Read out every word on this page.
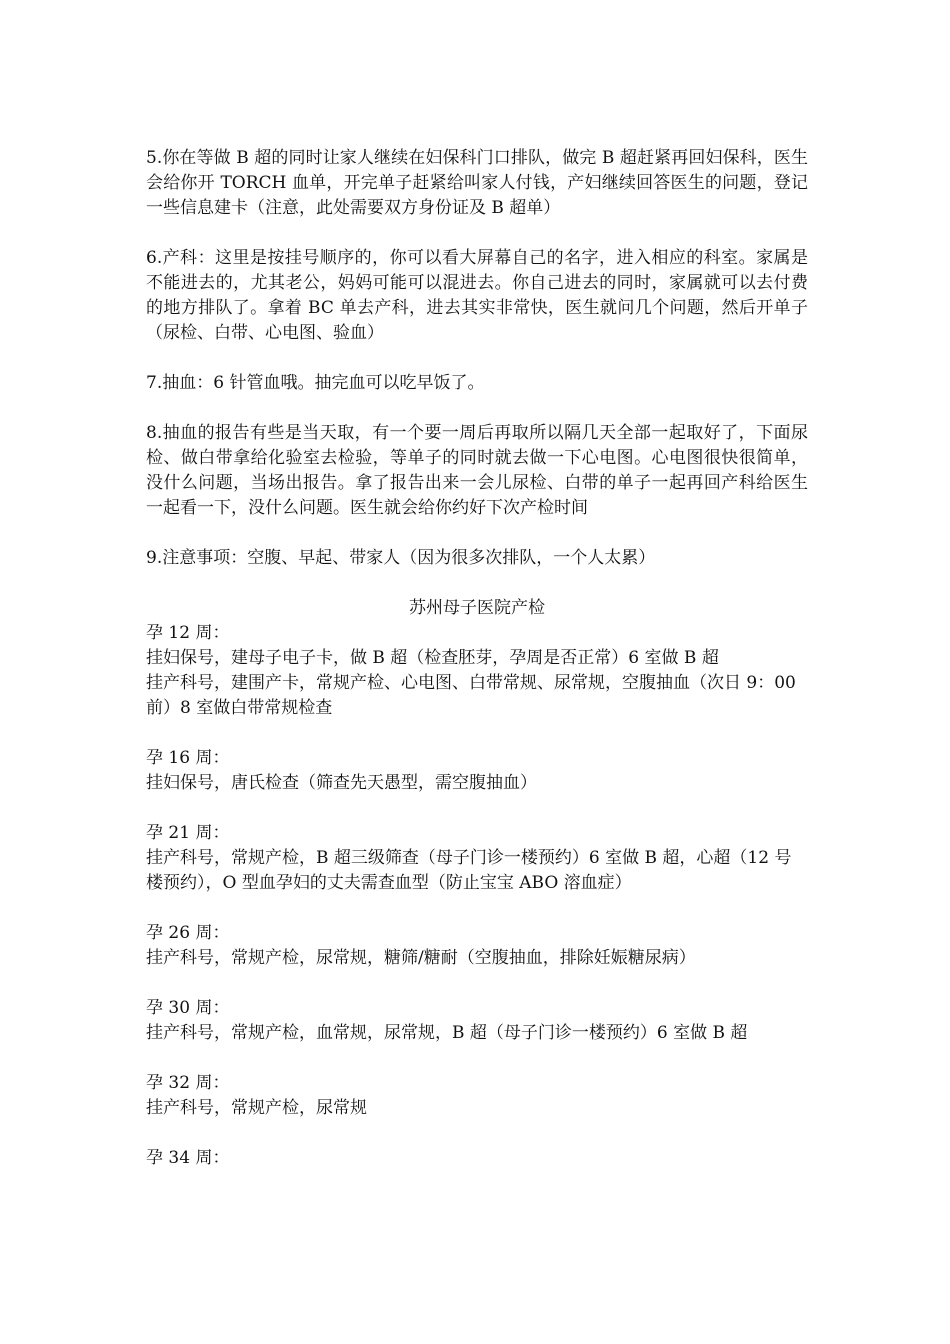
5.你在等做 B 超的同时让家人继续在妇保科门口排队，做完 B 超赶紧再回妇保科，医生会给你开 TORCH 血单，开完单子赶紧给叫家人付钱，产妇继续回答医生的问题，登记一些信息建卡（注意，此处需要双方身份证及 B 超单）

6.产科：这里是按挂号顺序的，你可以看大屏幕自己的名字，进入相应的科室。家属是不能进去的，尤其老公，妈妈可能可以混进去。你自己进去的同时，家属就可以去付费的地方排队了。拿着 BC 单去产科，进去其实非常快，医生就问几个问题，然后开单子（尿检、白带、心电图、验血）

7.抽血：6 针管血哦。抽完血可以吃早饭了。

8.抽血的报告有些是当天取，有一个要一周后再取所以隔几天全部一起取好了，下面尿检、做白带拿给化验室去检验，等单子的同时就去做一下心电图。心电图很快很简单，没什么问题，当场出报告。拿了报告出来一会儿尿检、白带的单子一起再回产科给医生一起看一下，没什么问题。医生就会给你约好下次产检时间

9.注意事项：空腹、早起、带家人（因为很多次排队，一个人太累）

苏州母子医院产检

孕 12 周：

挂妇保号，建母子电子卡，做 B 超（检查胚芽，孕周是否正常）6 室做 B 超

挂产科号，建围产卡，常规产检、心电图、白带常规、尿常规，空腹抽血（次日 9：00 前）8 室做白带常规检查

孕 16 周：

挂妇保号，唐氏检查（筛查先天愚型，需空腹抽血）

孕 21 周：

挂产科号，常规产检，B 超三级筛查（母子门诊一楼预约）6 室做 B 超，心超（12 号楼预约），O 型血孕妇的丈夫需查血型（防止宝宝 ABO 溶血症）

孕 26 周：

挂产科号，常规产检，尿常规，糖筛/糖耐（空腹抽血，排除妊娠糖尿病）

孕 30 周：

挂产科号，常规产检，血常规，尿常规，B 超（母子门诊一楼预约）6 室做 B 超

孕 32 周：

挂产科号，常规产检，尿常规

孕 34 周：
